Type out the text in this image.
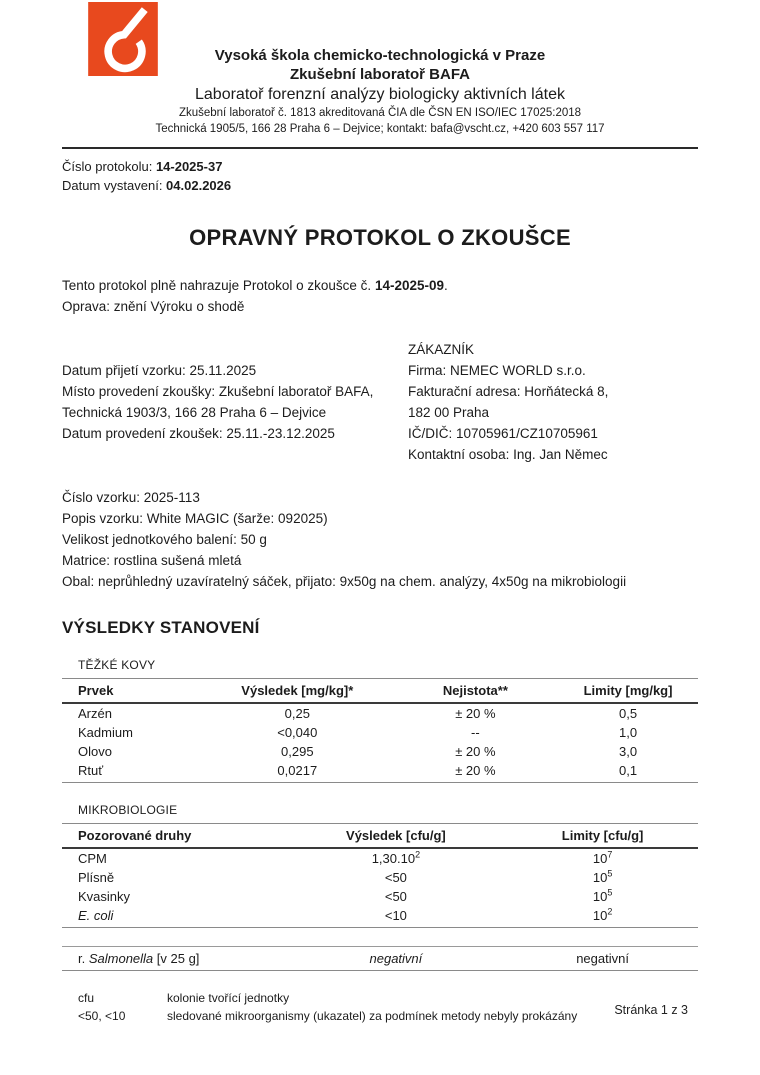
Vysoká škola chemicko-technologická v Praze
Zkušební laboratoř BAFA
Laboratoř forenzní analýzy biologicky aktivních látek
Zkušební laboratoř č. 1813 akreditovaná ČIA dle ČSN EN ISO/IEC 17025:2018
Technická 1905/5, 166 28 Praha 6 – Dejvice; kontakt: bafa@vscht.cz, +420 603 557 117
Číslo protokolu: 14-2025-37
Datum vystavení: 04.02.2026
OPRAVNÝ PROTOKOL O ZKOUŠCE
Tento protokol plně nahrazuje Protokol o zkoušce č. 14-2025-09.
Oprava: znění Výroku o shodě
Datum přijetí vzorku: 25.11.2025
Místo provedení zkoušky: Zkušební laboratoř BAFA,
Technická 1903/3, 166 28 Praha 6 – Dejvice
Datum provedení zkoušek: 25.11.-23.12.2025
ZÁKAZNÍK
Firma: NEMEC WORLD s.r.o.
Fakturační adresa: Horňátecká 8,
182 00 Praha
IČ/DIČ: 10705961/CZ10705961
Kontaktní osoba: Ing. Jan Němec
Číslo vzorku: 2025-113
Popis vzorku: White MAGIC (šarže: 092025)
Velikost jednotkového balení: 50 g
Matrice: rostlina sušená mletá
Obal: neprůhledný uzavíratelný sáček, přijato: 9x50g na chem. analýzy, 4x50g na mikrobiologii
VÝSLEDKY STANOVENÍ
TĚŽKÉ KOVY
Prvek	Výsledek [mg/kg]*	Nejistota**	Limity [mg/kg]
Arzén	0,25	± 20 %	0,5
Kadmium	<0,040	--	1,0
Olovo	0,295	± 20 %	3,0
Rtuť	0,0217	± 20 %	0,1
MIKROBIOLOGIE
Pozorované druhy	Výsledek [cfu/g]	Limity [cfu/g]
CPM	1,30.10$^2$	$10^7$
Plísně	<50	$10^5$
Kvasinky	<50	$10^5$
E. coli	<10	$10^2$
r. Salmonella [v 25 g]	negativní	negativní
cfu	kolonie tvořící jednotky
<50, <10	sledované mikroorganismy (ukazatel) za podmínek metody nebyly prokázány	Stránka 1 z 3
